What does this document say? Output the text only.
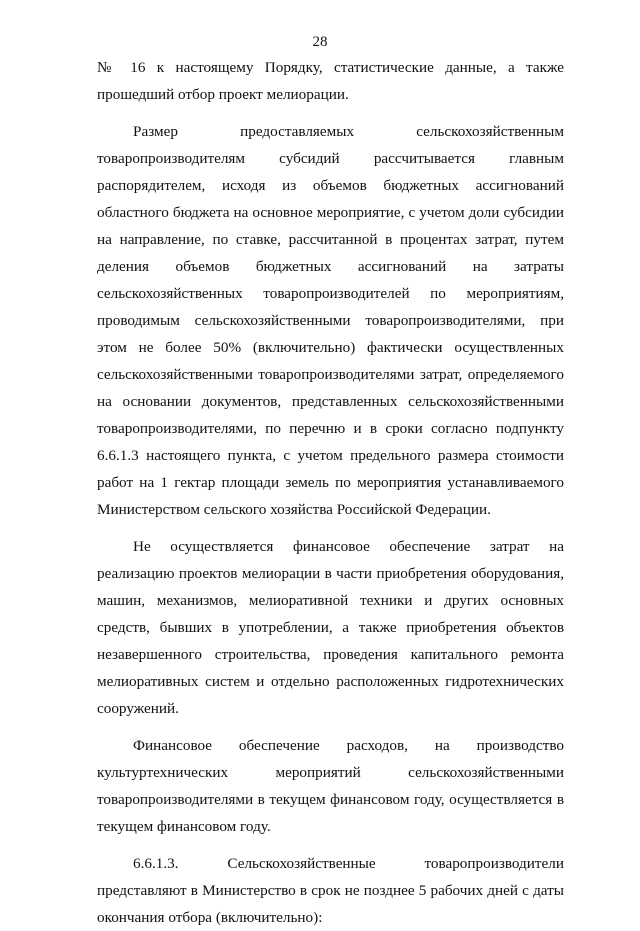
28

№ 16 к настоящему Порядку, статистические данные, а также прошедший отбор проект мелиорации.

Размер предоставляемых сельскохозяйственным товаропроизводителям субсидий рассчитывается главным распорядителем, исходя из объемов бюджетных ассигнований областного бюджета на основное мероприятие, с учетом доли субсидии на направление, по ставке, рассчитанной в процентах затрат, путем деления объемов бюджетных ассигнований на затраты сельскохозяйственных товаропроизводителей по мероприятиям, проводимым сельскохозяйственными товаропроизводителями, при этом не более 50% (включительно) фактически осуществленных сельскохозяйственными товаропроизводителями затрат, определяемого на основании документов, представленных сельскохозяйственными товаропроизводителями, по перечню и в сроки согласно подпункту 6.6.1.3 настоящего пункта, с учетом предельного размера стоимости работ на 1 гектар площади земель по мероприятия устанавливаемого Министерством сельского хозяйства Российской Федерации.

Не осуществляется финансовое обеспечение затрат на реализацию проектов мелиорации в части приобретения оборудования, машин, механизмов, мелиоративной техники и других основных средств, бывших в употреблении, а также приобретения объектов незавершенного строительства, проведения капитального ремонта мелиоративных систем и отдельно расположенных гидротехнических сооружений.

Финансовое обеспечение расходов, на производство культуртехнических мероприятий сельскохозяйственными товаропроизводителями в текущем финансовом году, осуществляется в текущем финансовом году.

6.6.1.3. Сельскохозяйственные товаропроизводители представляют в Министерство в срок не позднее 5 рабочих дней с даты окончания отбора (включительно):
